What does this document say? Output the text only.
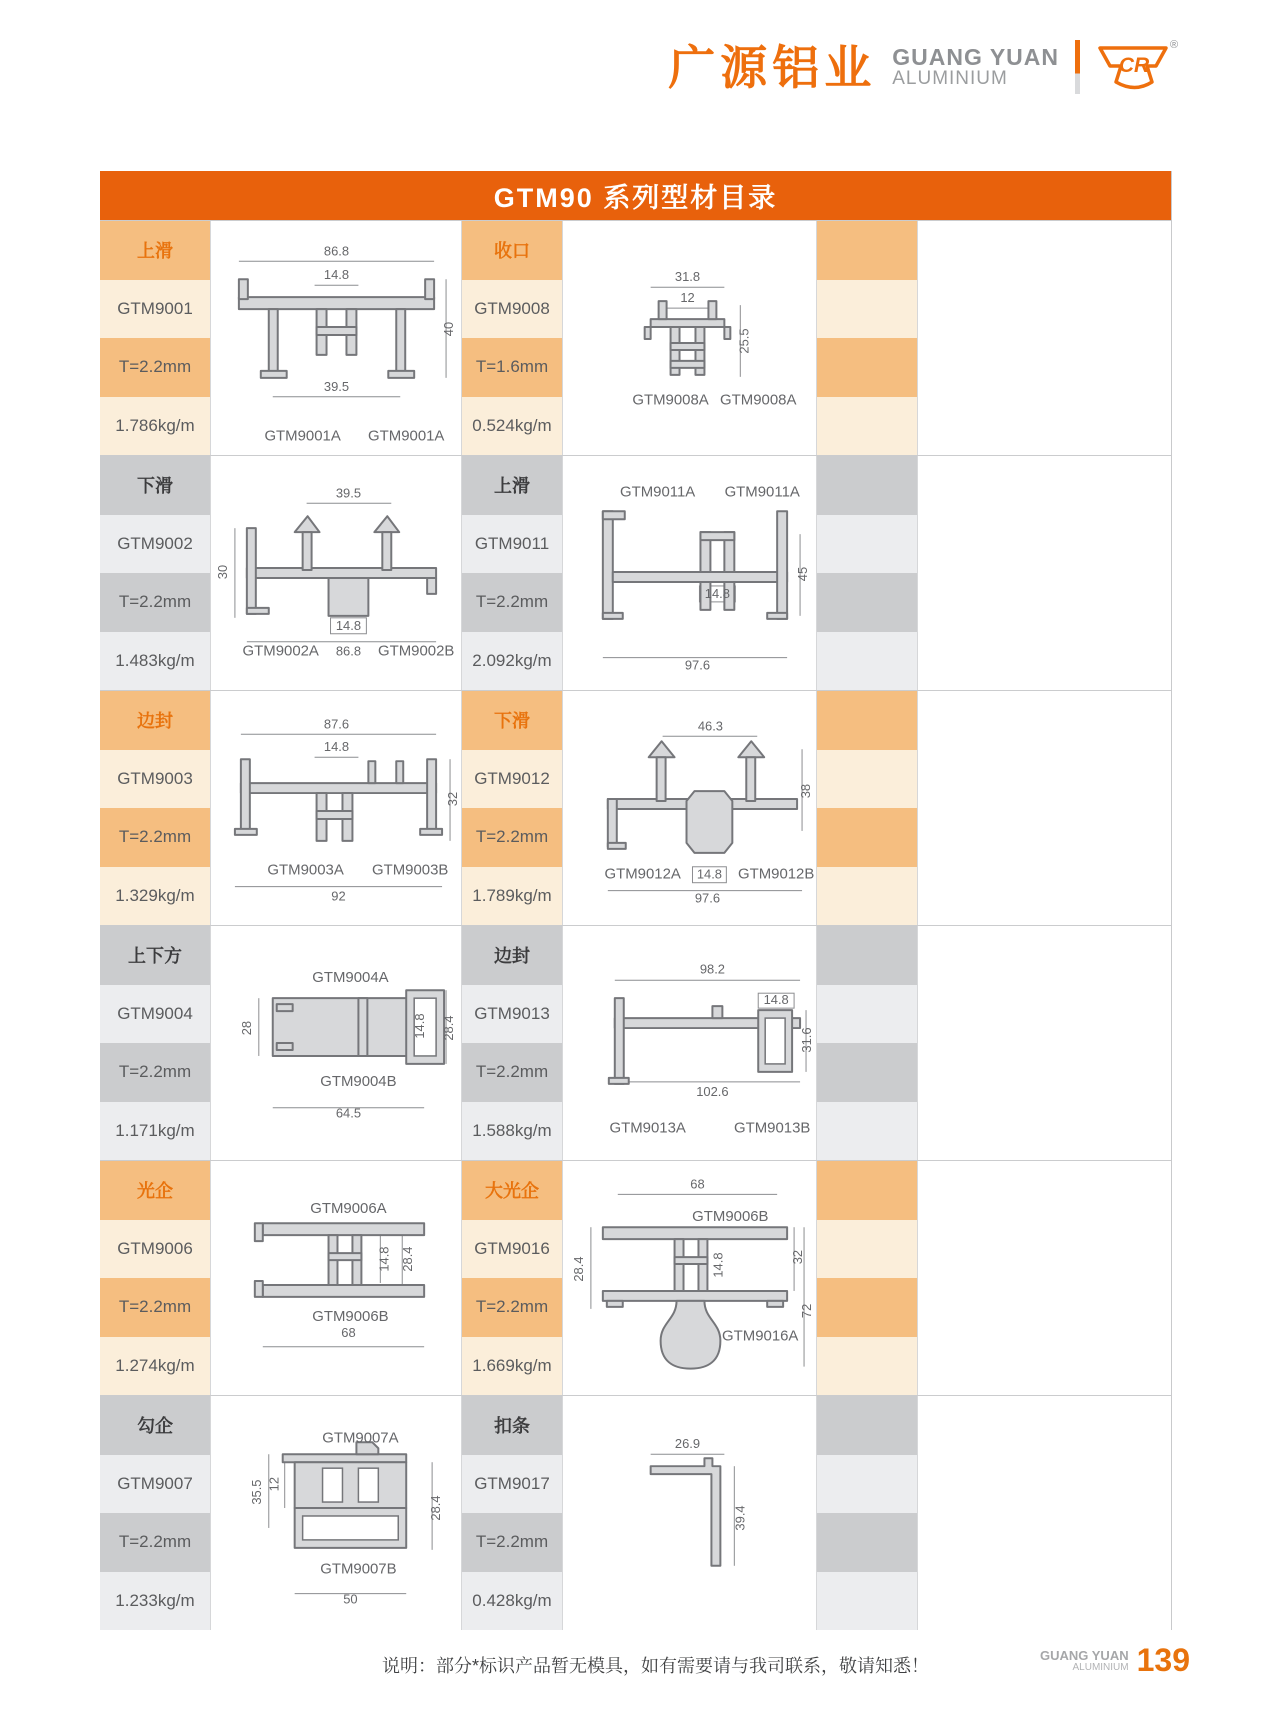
广源铝业 GUANG YUAN
ALUMINIUM
CR
®
GTM90 系列型材目录
上滑
GTM9001
T=2.2mm
1.786kg/m
86.8
14.8
39.5
40
GTM9001A GTM9001A
收口
GTM9008
T=1.6mm
0.524kg/m
31.8
12
25.5
GTM9008A GTM9008A
下滑
GTM9002
T=2.2mm
1.483kg/m
39.5
30
14.8
GTM9002A 86.8 GTM9002B
上滑
GTM9011
T=2.2mm
2.092kg/m
GTM9011A GTM9011A
14.8
45
97.6
边封
GTM9003
T=2.2mm
1.329kg/m
87.6
14.8
GTM9003A GTM9003B
92
32
下滑
GTM9012
T=2.2mm
1.789kg/m
46.3
38
GTM9012A 14.8 GTM9012B
97.6
上下方
GTM9004
T=2.2mm
1.171kg/m
GTM9004A
28	14.8 28.4
GTM9004B
64.5
边封
GTM9013
T=2.2mm
1.588kg/m
98.2
14.8
102.6
31.6
GTM9013A	GTM9013B
光企
GTM9006
T=2.2mm
1.274kg/m
GTM9006A
14.8 28.4
GTM9006B
68
大光企
GTM9016
T=2.2mm
1.669kg/m
68
GTM9006B
28.4	14.8	32
72
GTM9016A
勾企
GTM9007
T=2.2mm
1.233kg/m
GTM9007A
35.5 12
28.4
GTM9007B
50
扣条
GTM9017
T=2.2mm
0.428kg/m
26.9
39.4
说明：部分*标识产品暂无模具，如有需要请与我司联系，敬请知悉！
GUANG YUAN
ALUMINIUM 139
